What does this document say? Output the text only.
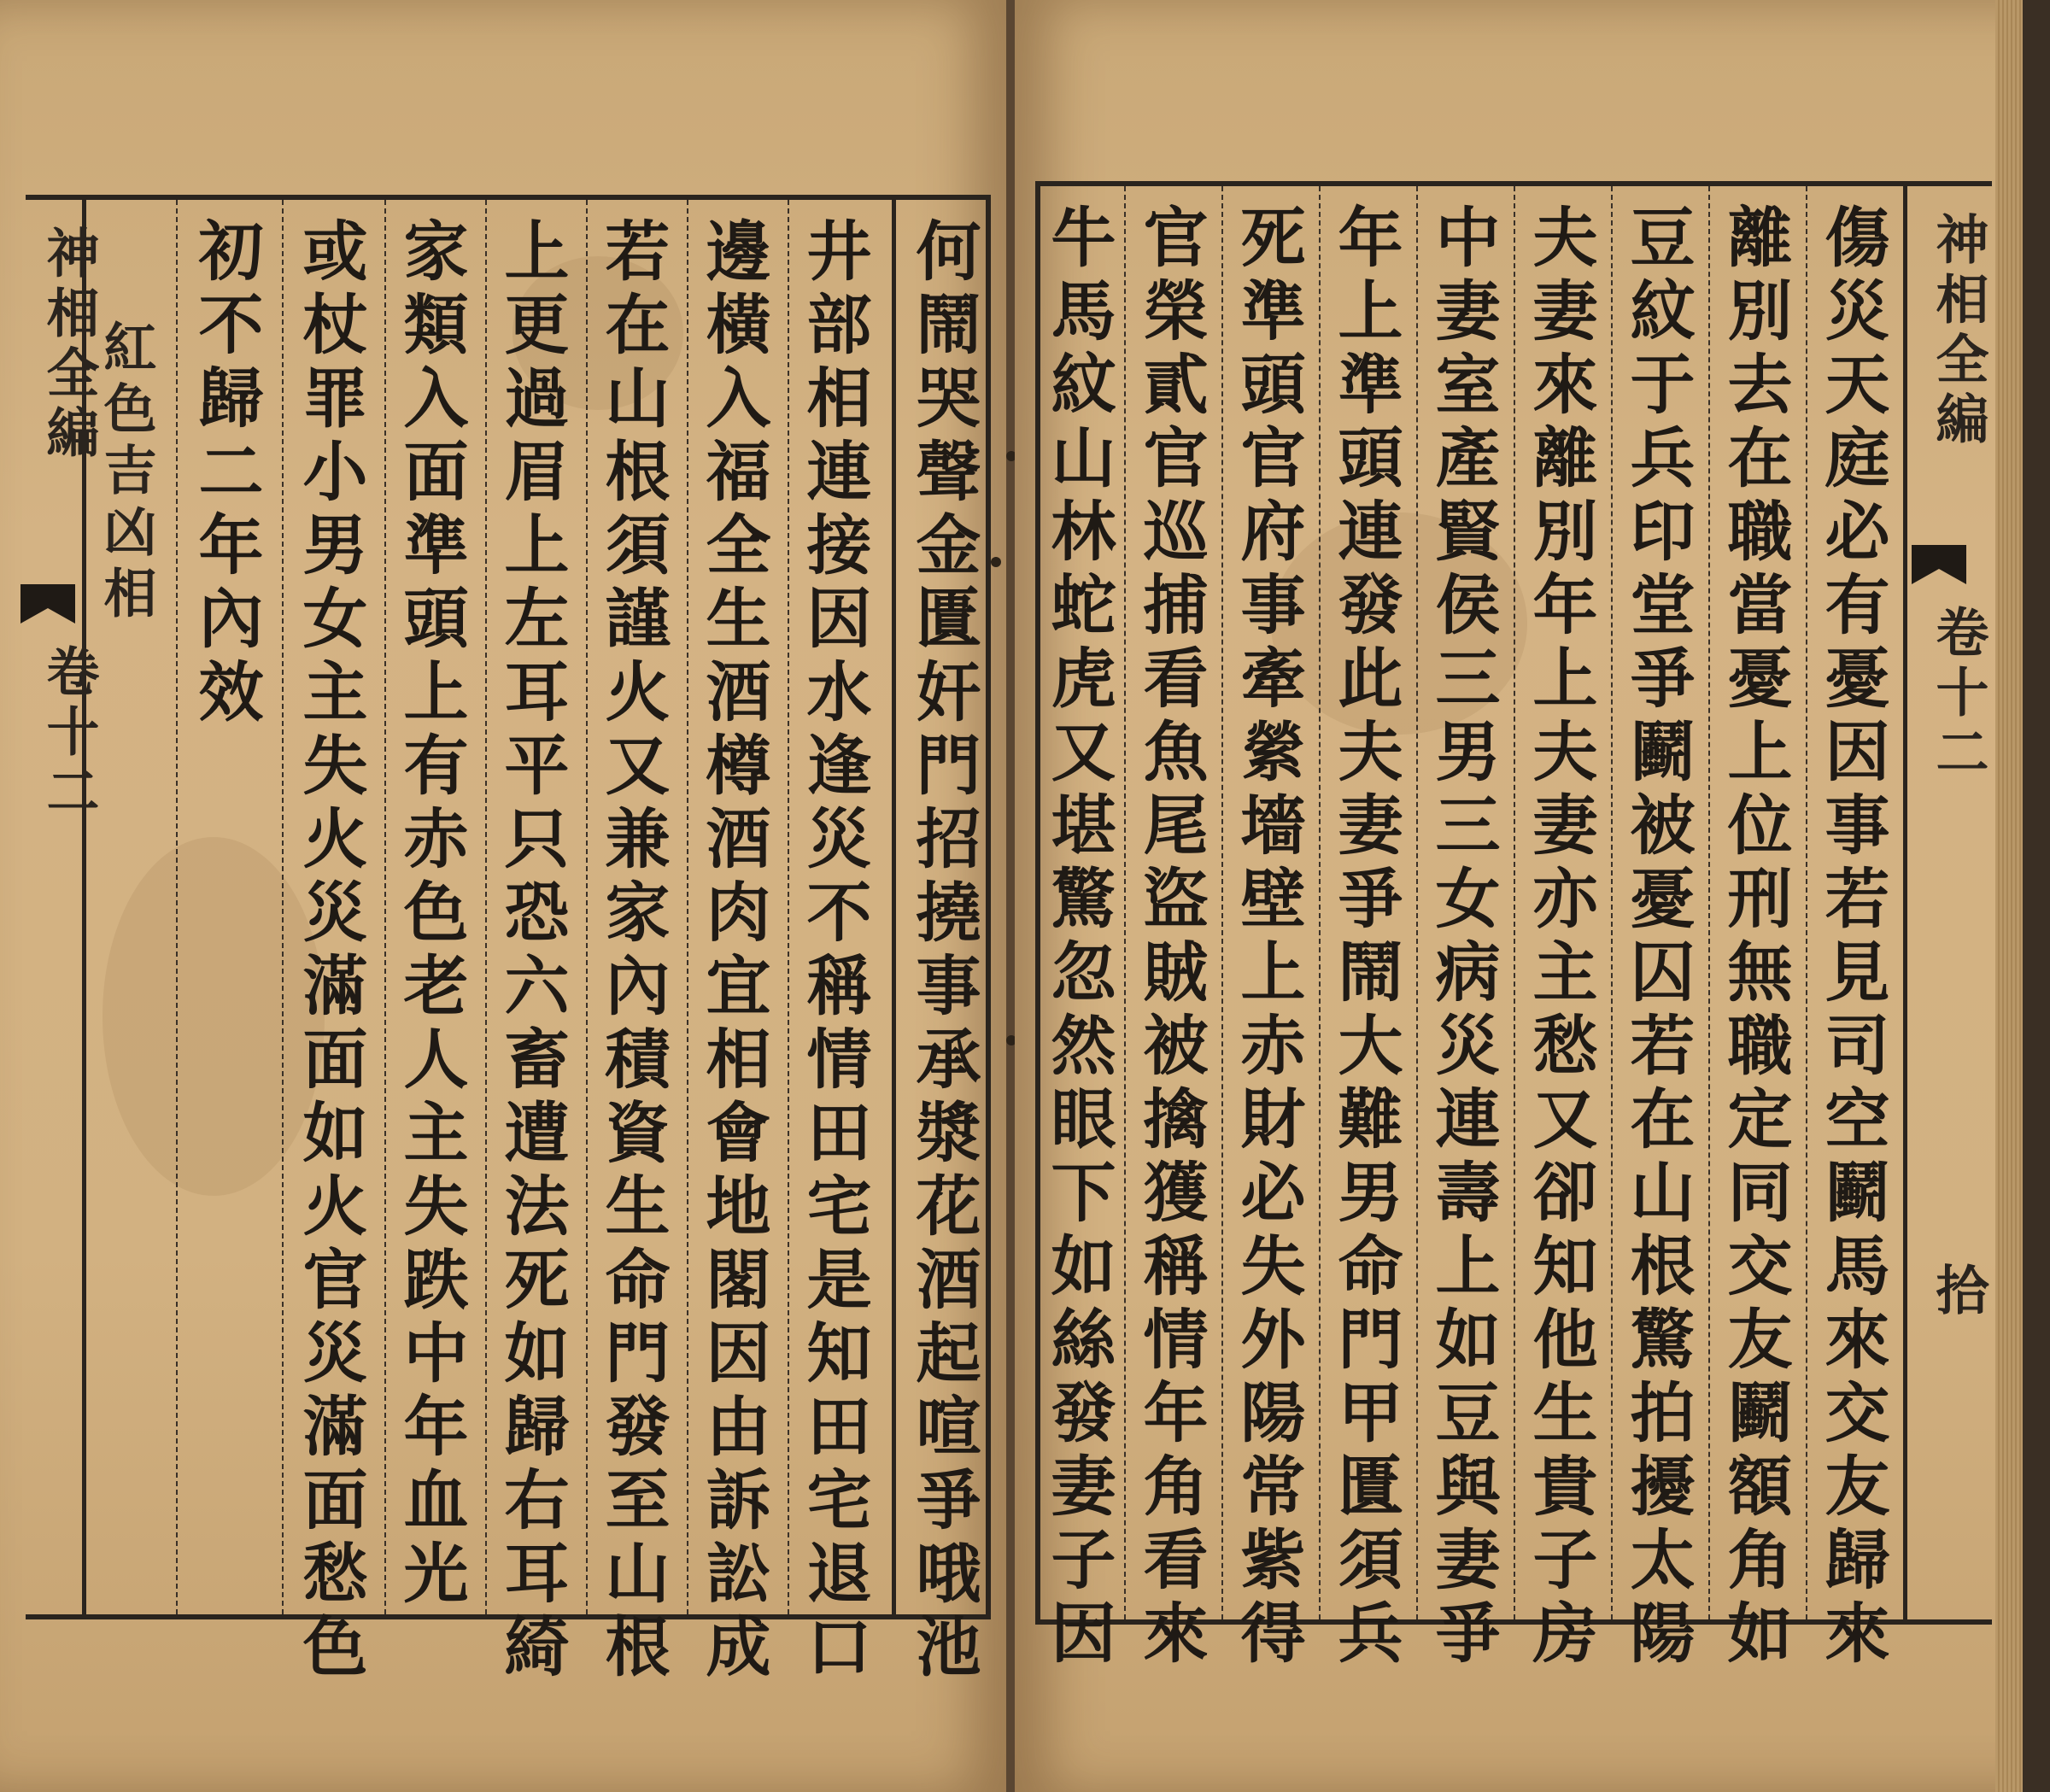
神相全編
卷十二	何鬧哭聲金匱奸門招撓事承漿花酒起喧爭哦池
井部相連接因水逢災不稱情田宅是知田宅退口
邊橫入福全生酒樽酒肉宜相會地閣因由訴訟成
若在山根須謹火又兼家內積資生命門發至山根
上更過眉上左耳平只恐六畜遭法死如歸右耳綺
家類入面準頭上有赤色老人主失跌中年血光
或杖罪小男女主失火災滿面如火官災滿面愁色
初不歸二年內效
紅色吉凶相	神相全編
卷十二
拾
傷災天庭必有憂因事若見司空鬬馬來交友歸來
離別去在職當憂上位刑無職定同交友鬬額角如
豆紋于兵印堂爭鬬被憂囚若在山根驚拍擾太陽
夫妻來離別年上夫妻亦主愁又卻知他生貴子房
中妻室產賢侯三男三女病災連壽上如豆與妻爭
年上準頭連發此夫妻爭鬧大難男命門甲匱須兵
死準頭官府事牽縈墻壁上赤財必失外陽常紫得
官榮貳官巡捕看魚尾盜賊被擒獲稱情年角看來
牛馬紋山林蛇虎又堪驚忽然眼下如絲發妻子因
